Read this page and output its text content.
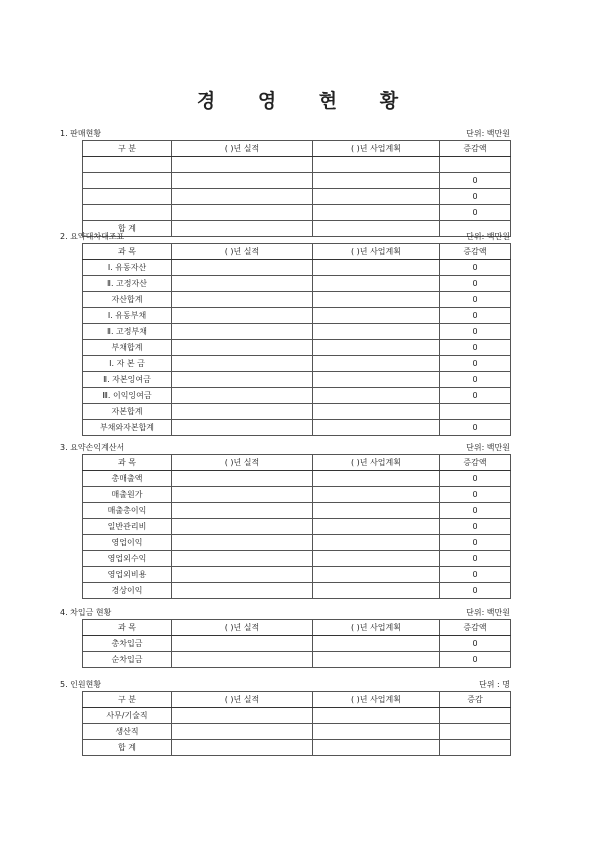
경 영 현 황
1. 판매현황	단위: 백만원
구 분	( )년 실적	( )년 사업계획	증감액

			0
			0
			0
합 계			
2. 요약대차대조표	단위: 백만원
과 목	( )년 실적	( )년 사업계획	증감액
Ⅰ. 유동자산			0
Ⅱ. 고정자산			0
자산합계			0
Ⅰ. 유동부채			0
Ⅱ. 고정부채			0
부채합계			0
Ⅰ. 자 본 금			0
Ⅱ. 자본잉여금			0
Ⅲ. 이익잉여금			0
자본합계			
부채와자본합계			0
3. 요약손익계산서	단위: 백만원
과 목	( )년 실적	( )년 사업계획	증감액
총매출액			0
매출원가			0
매출총이익			0
일반관리비			0
영업이익			0
영업외수익			0
영업외비용			0
경상이익			0
4. 차입금 현황	단위: 백만원
과 목	( )년 실적	( )년 사업계획	증감액
총차입금			0
순차입금			0
5. 인원현황	단위 : 명
구 분	( )년 실적	( )년 사업계획	증감
사무/기술직			
생산직			
합 계			
